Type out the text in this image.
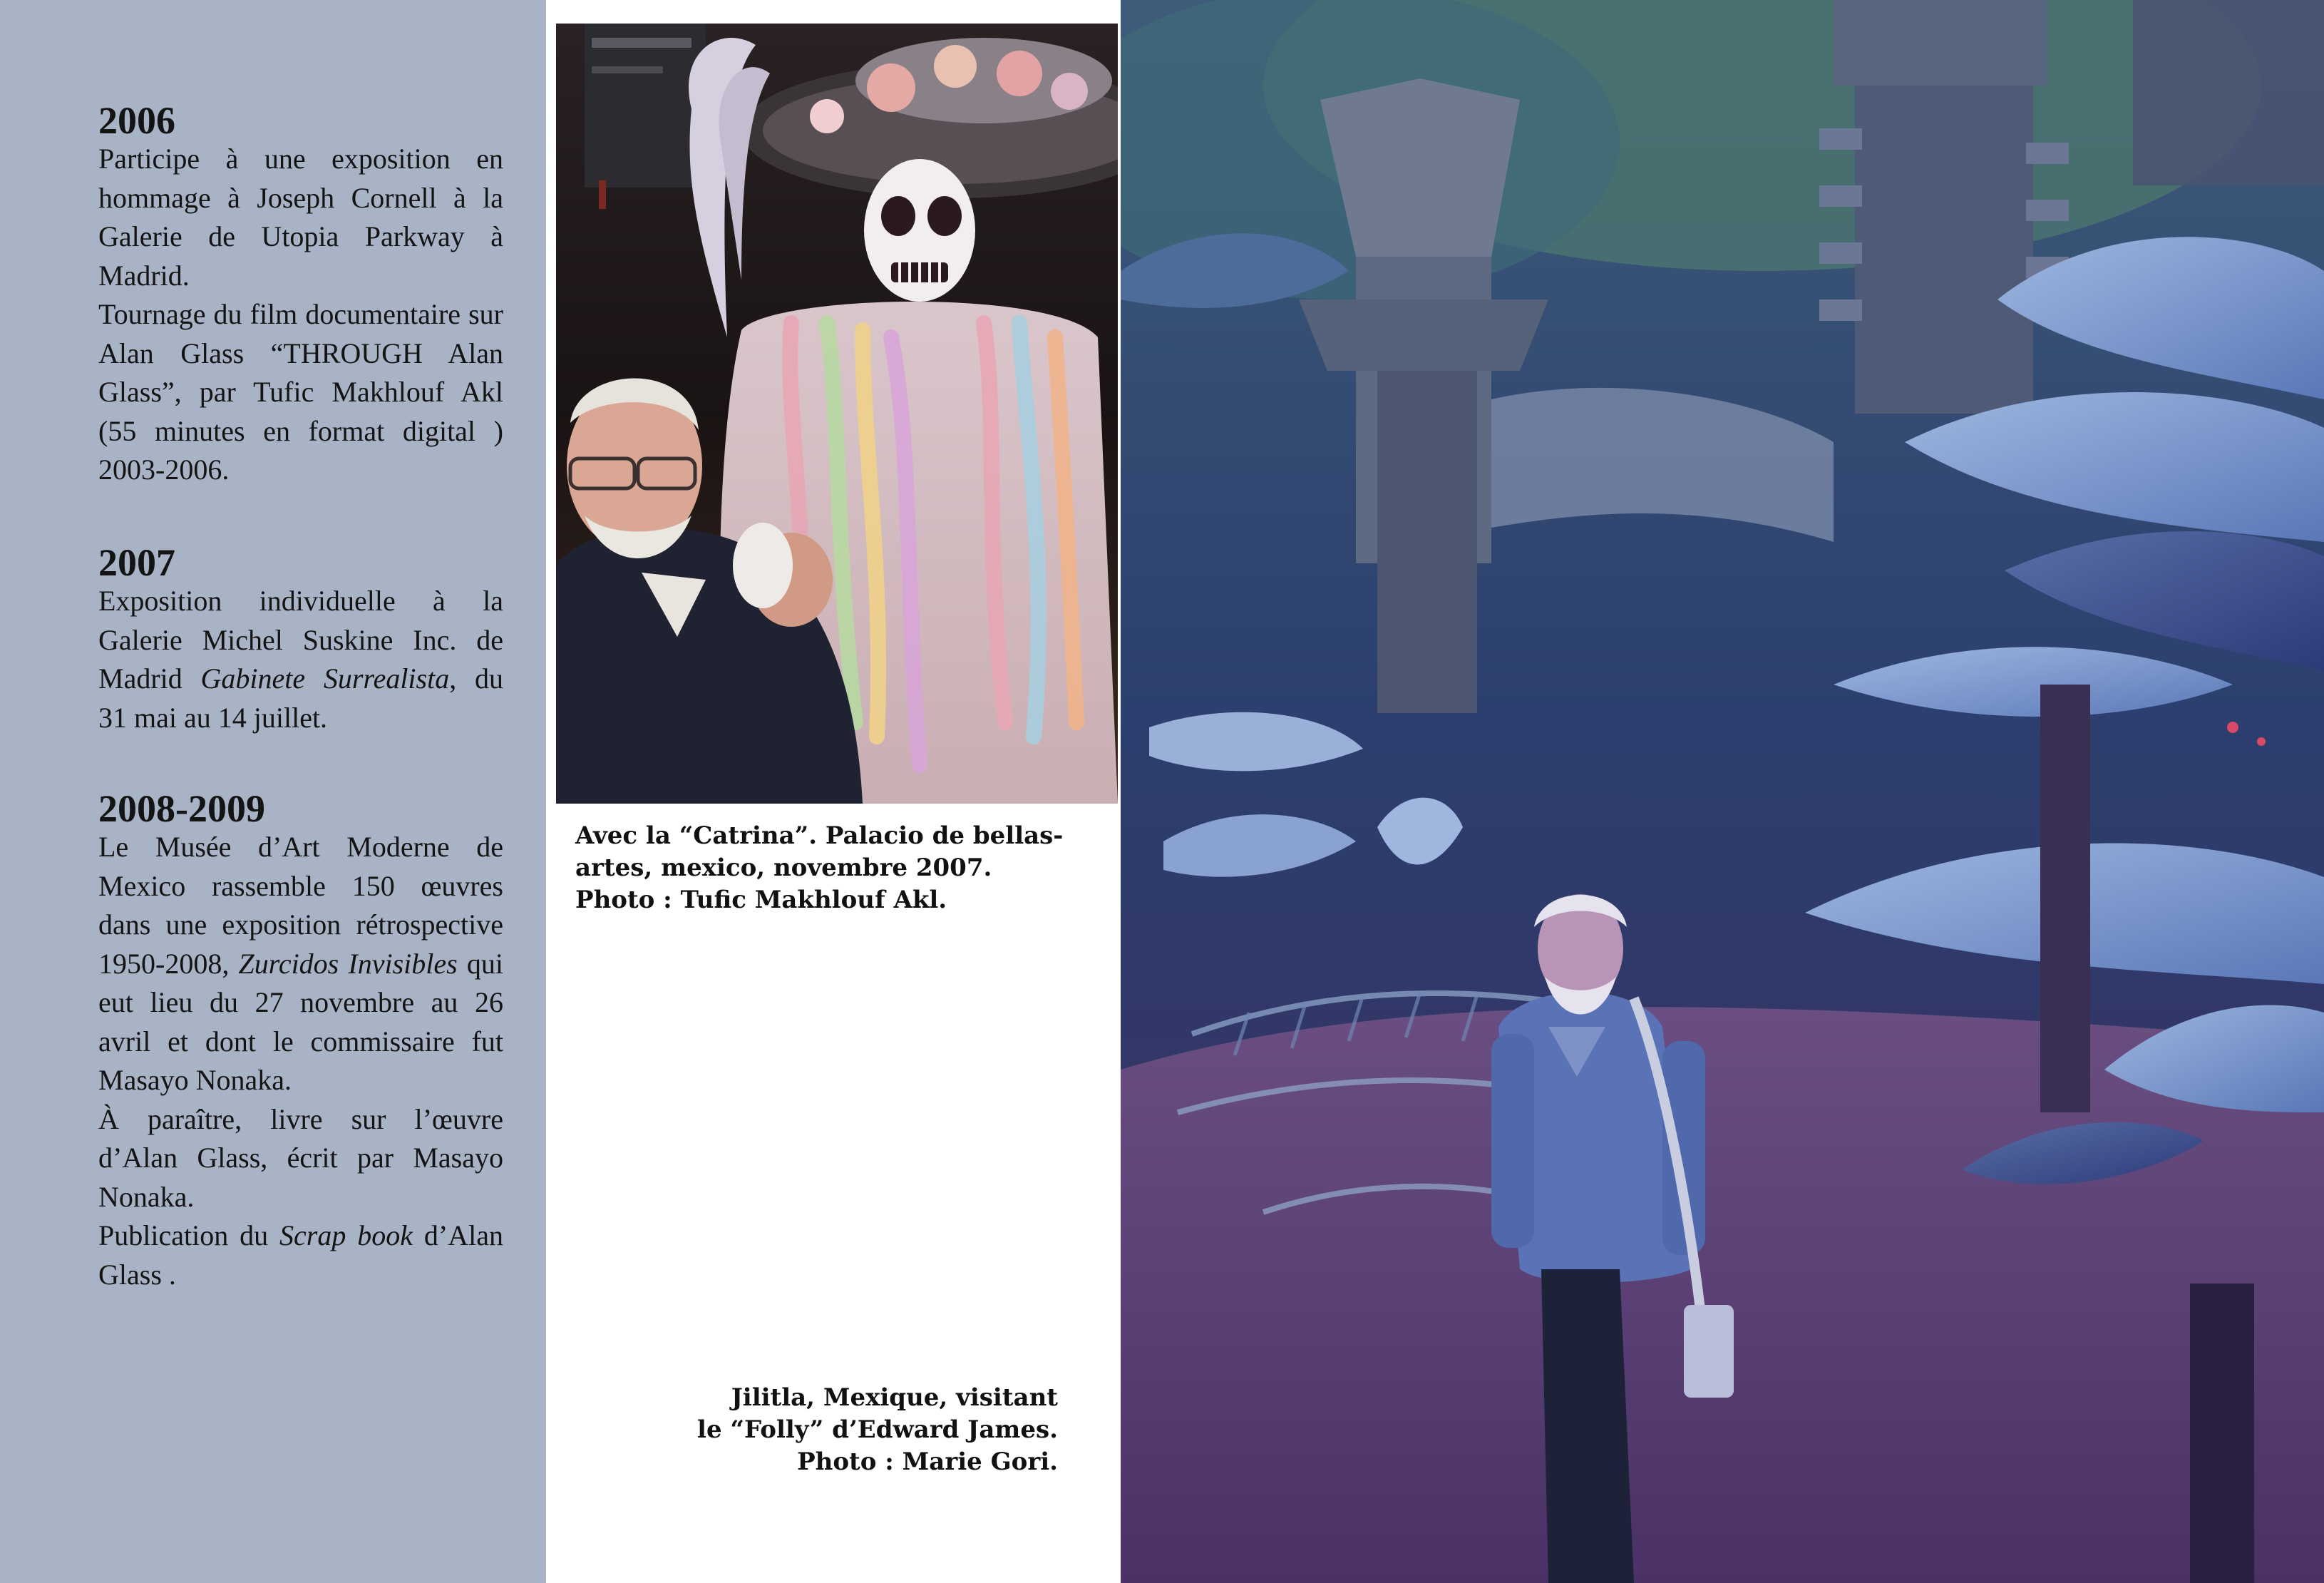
2006

Participe à une exposition en hommage à Joseph Cornell à la Galerie de Utopia Parkway à Madrid.

Tournage du film documentaire sur Alan Glass “THROUGH Alan Glass”, par Tufic Makhlouf Akl (55 minutes en format digital ) 2003-2006.

2007

Exposition individuelle à la Galerie Michel Suskine Inc. de Madrid Gabinete Surrealista, du 31 mai au 14 juillet.

2008-2009

Le Musée d’Art Moderne de Mexico rassemble 150 œuvres dans une exposition rétrospective 1950-2008, Zurcidos Invisibles qui eut lieu du 27 novembre au 26 avril et dont le commissaire fut Masayo Nonaka.

À paraître, livre sur l’œuvre d’Alan Glass, écrit par Masayo Nonaka.

Publication du Scrap book d’Alan Glass .

Avec la “Catrina”. Palacio de bellas-
artes, mexico, novembre 2007.
Photo : Tufic Makhlouf Akl.

Jilitla, Mexique, visitant
le “Folly” d’Edward James.
Photo : Marie Gori.
